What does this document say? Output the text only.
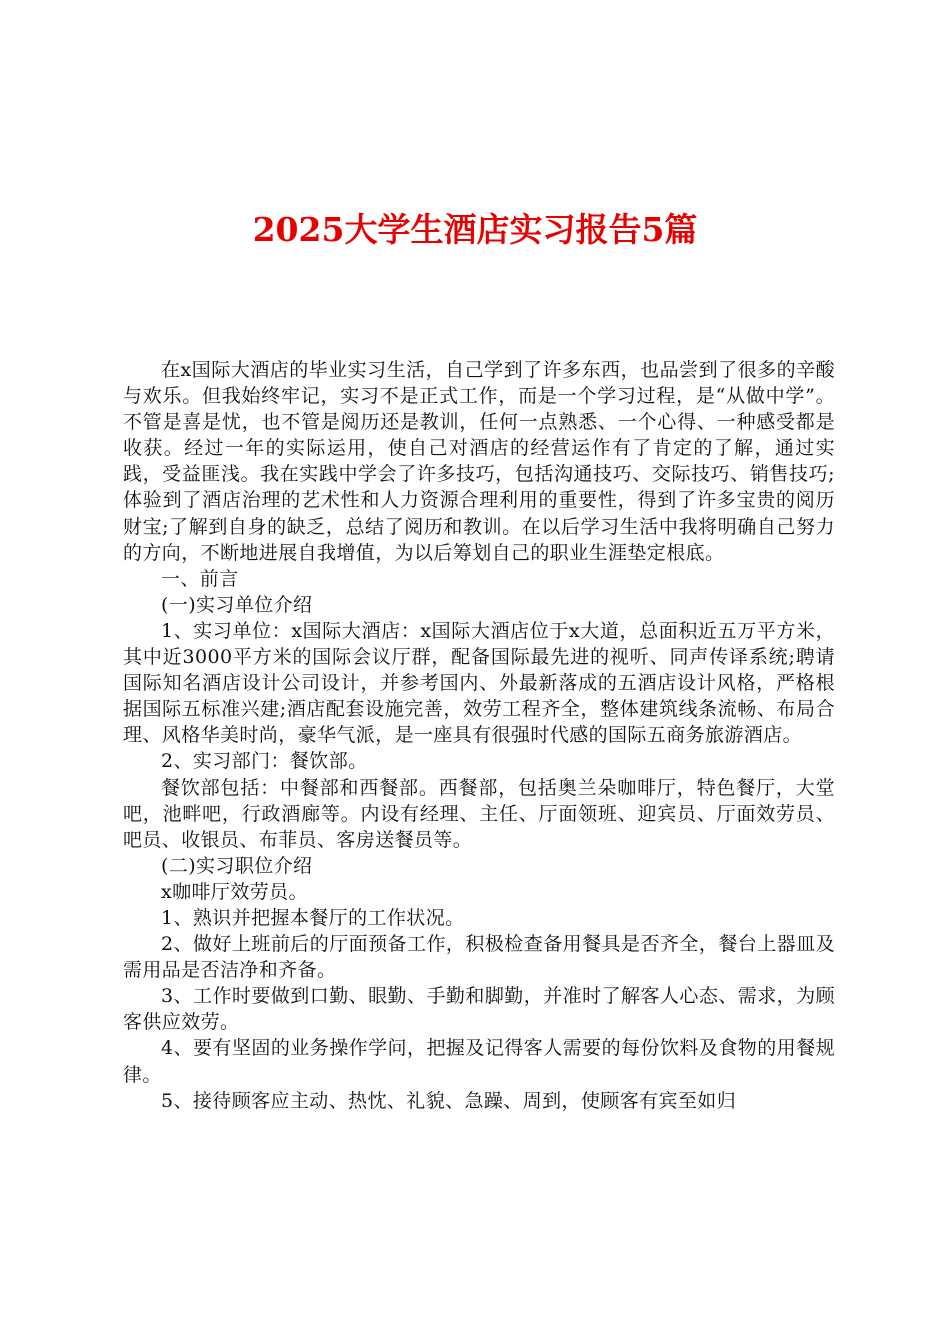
2025大学生酒店实习报告5篇

在x国际大酒店的毕业实习生活，自己学到了许多东西，也品尝到了很多的辛酸与欢乐。但我始终牢记，实习不是正式工作，而是一个学习过程，是“从做中学”。不管是喜是忧，也不管是阅历还是教训，任何一点熟悉、一个心得、一种感受都是收获。经过一年的实际运用，使自己对酒店的经营运作有了肯定的了解，通过实践，受益匪浅。我在实践中学会了许多技巧，包括沟通技巧、交际技巧、销售技巧;体验到了酒店治理的艺术性和人力资源合理利用的重要性，得到了许多宝贵的阅历财宝;了解到自身的缺乏，总结了阅历和教训。在以后学习生活中我将明确自己努力的方向，不断地进展自我增值，为以后筹划自己的职业生涯垫定根底。

一、前言

(一)实习单位介绍

1、实习单位：x国际大酒店：x国际大酒店位于x大道，总面积近五万平方米，其中近3000平方米的国际会议厅群，配备国际最先进的视听、同声传译系统;聘请国际知名酒店设计公司设计，并参考国内、外最新落成的五酒店设计风格，严格根据国际五标准兴建;酒店配套设施完善，效劳工程齐全，整体建筑线条流畅、布局合理、风格华美时尚，豪华气派，是一座具有很强时代感的国际五商务旅游酒店。

2、实习部门：餐饮部。

餐饮部包括：中餐部和西餐部。西餐部，包括奥兰朵咖啡厅，特色餐厅，大堂吧，池畔吧，行政酒廊等。内设有经理、主任、厅面领班、迎宾员、厅面效劳员、吧员、收银员、布菲员、客房送餐员等。

(二)实习职位介绍

x咖啡厅效劳员。

1、熟识并把握本餐厅的工作状况。

2、做好上班前后的厅面预备工作，积极检查备用餐具是否齐全，餐台上器皿及需用品是否洁净和齐备。

3、工作时要做到口勤、眼勤、手勤和脚勤，并准时了解客人心态、需求，为顾客供应效劳。

4、要有坚固的业务操作学问，把握及记得客人需要的每份饮料及食物的用餐规律。

5、接待顾客应主动、热忱、礼貌、急躁、周到，使顾客有宾至如归
